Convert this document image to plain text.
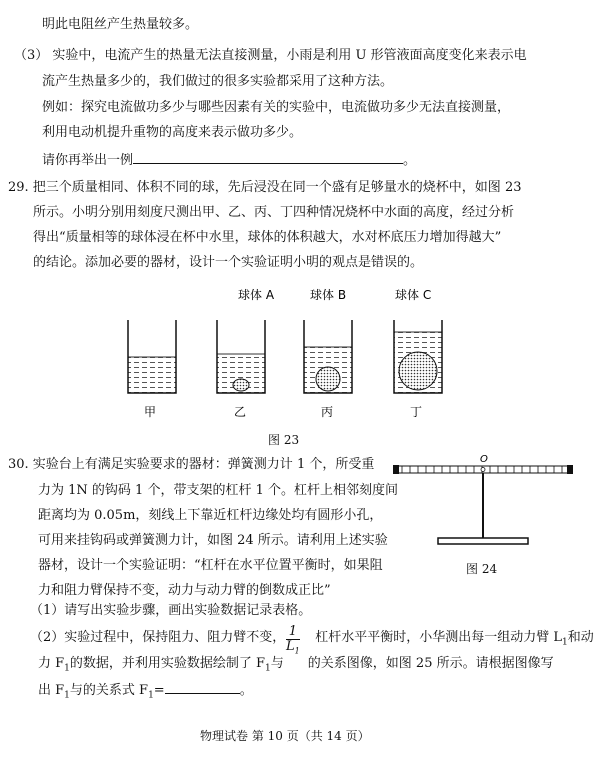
明此电阻丝产生热量较多。
（3） 实验中，电流产生的热量无法直接测量，小雨是利用 U 形管液面高度变化来表示电
流产生热量多少的，我们做过的很多实验都采用了这种方法。
例如：探究电流做功多少与哪些因素有关的实验中，电流做功多少无法直接测量，
利用电动机提升重物的高度来表示做功多少。
请你再举出一例	。
29. 把三个质量相同、体积不同的球，先后浸没在同一个盛有足够量水的烧杯中，如图 23
所示。小明分别用刻度尺测出甲、乙、丙、丁四种情况烧杯中水面的高度，经过分析
得出“质量相等的球体浸在杯中水里，球体的体积越大，水对杯底压力增加得越大”
的结论。添加必要的器材，设计一个实验证明小明的观点是错误的。
球体 A	球体 B	球体 C
甲	乙	丙	丁
图 23
30. 实验台上有满足实验要求的器材：弹簧测力计 1 个，所受重
力为 1N 的钩码 1 个，带支架的杠杆 1 个。杠杆上相邻刻度间
距离均为 0.05m，刻线上下靠近杠杆边缘处均有圆形小孔，
可用来挂钩码或弹簧测力计，如图 24 所示。请利用上述实验
器材，设计一个实验证明：“杠杆在水平位置平衡时，如果阻
力和阻力臂保持不变，动力与动力臂的倒数成正比”
O
图 24
（1）请写出实验步骤，画出实验数据记录表格。
（2）实验过程中，保持阻力、阻力臂不变， 杠杆水平平衡时，小华测出每一组动力臂 $L_1$和动
$\frac{1}{L_1}$
力 $F_1$的数据，并利用实验数据绘制了 $F_1$与 的关系图像，如图 25 所示。请根据图像写
出 $F_1$与的关系式 $F_1=$	。
物理试卷 第 10 页（共 14 页）
